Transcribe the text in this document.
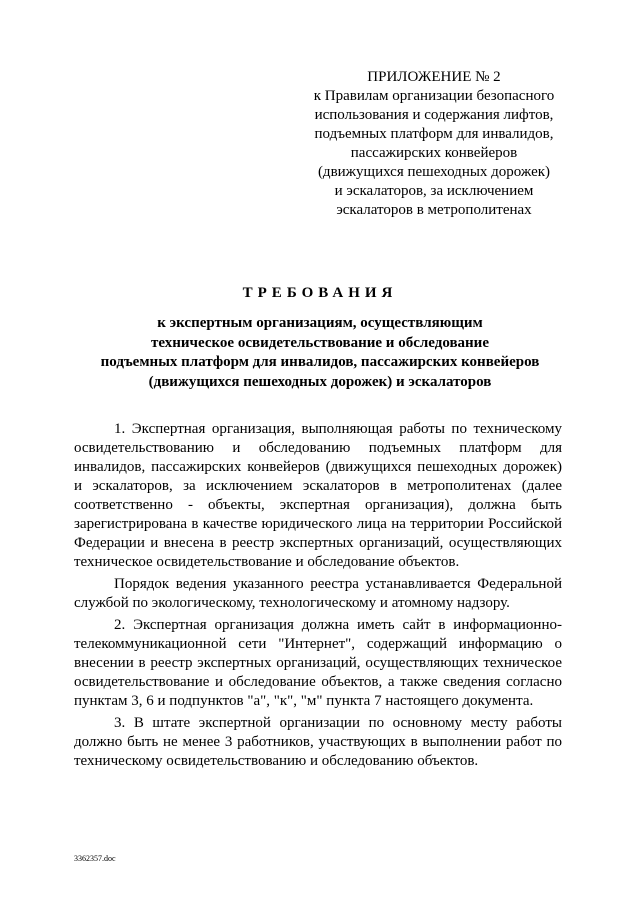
ПРИЛОЖЕНИЕ № 2
к Правилам организации безопасного
использования и содержания лифтов,
подъемных платформ для инвалидов,
пассажирских конвейеров
(движущихся пешеходных дорожек)
и эскалаторов, за исключением
эскалаторов в метрополитенах
ТРЕБОВАНИЯ
к экспертным организациям, осуществляющим
техническое освидетельствование и обследование
подъемных платформ для инвалидов, пассажирских конвейеров
(движущихся пешеходных дорожек) и эскалаторов

1. Экспертная организация, выполняющая работы по техническому освидетельствованию и обследованию подъемных платформ для инвалидов, пассажирских конвейеров (движущихся пешеходных дорожек) и эскалаторов, за исключением эскалаторов в метрополитенах (далее соответственно - объекты, экспертная организация), должна быть зарегистрирована в качестве юридического лица на территории Российской Федерации и внесена в реестр экспертных организаций, осуществляющих техническое освидетельствование и обследование объектов.

Порядок ведения указанного реестра устанавливается Федеральной службой по экологическому, технологическому и атомному надзору.

2. Экспертная организация должна иметь сайт в информационно-телекоммуникационной сети "Интернет", содержащий информацию о внесении в реестр экспертных организаций, осуществляющих техническое освидетельствование и обследование объектов, а также сведения согласно пунктам 3, 6 и подпунктов "а", "к", "м" пункта 7 настоящего документа.

3. В штате экспертной организации по основному месту работы должно быть не менее 3 работников, участвующих в выполнении работ по техническому освидетельствованию и обследованию объектов.

3362357.doc
